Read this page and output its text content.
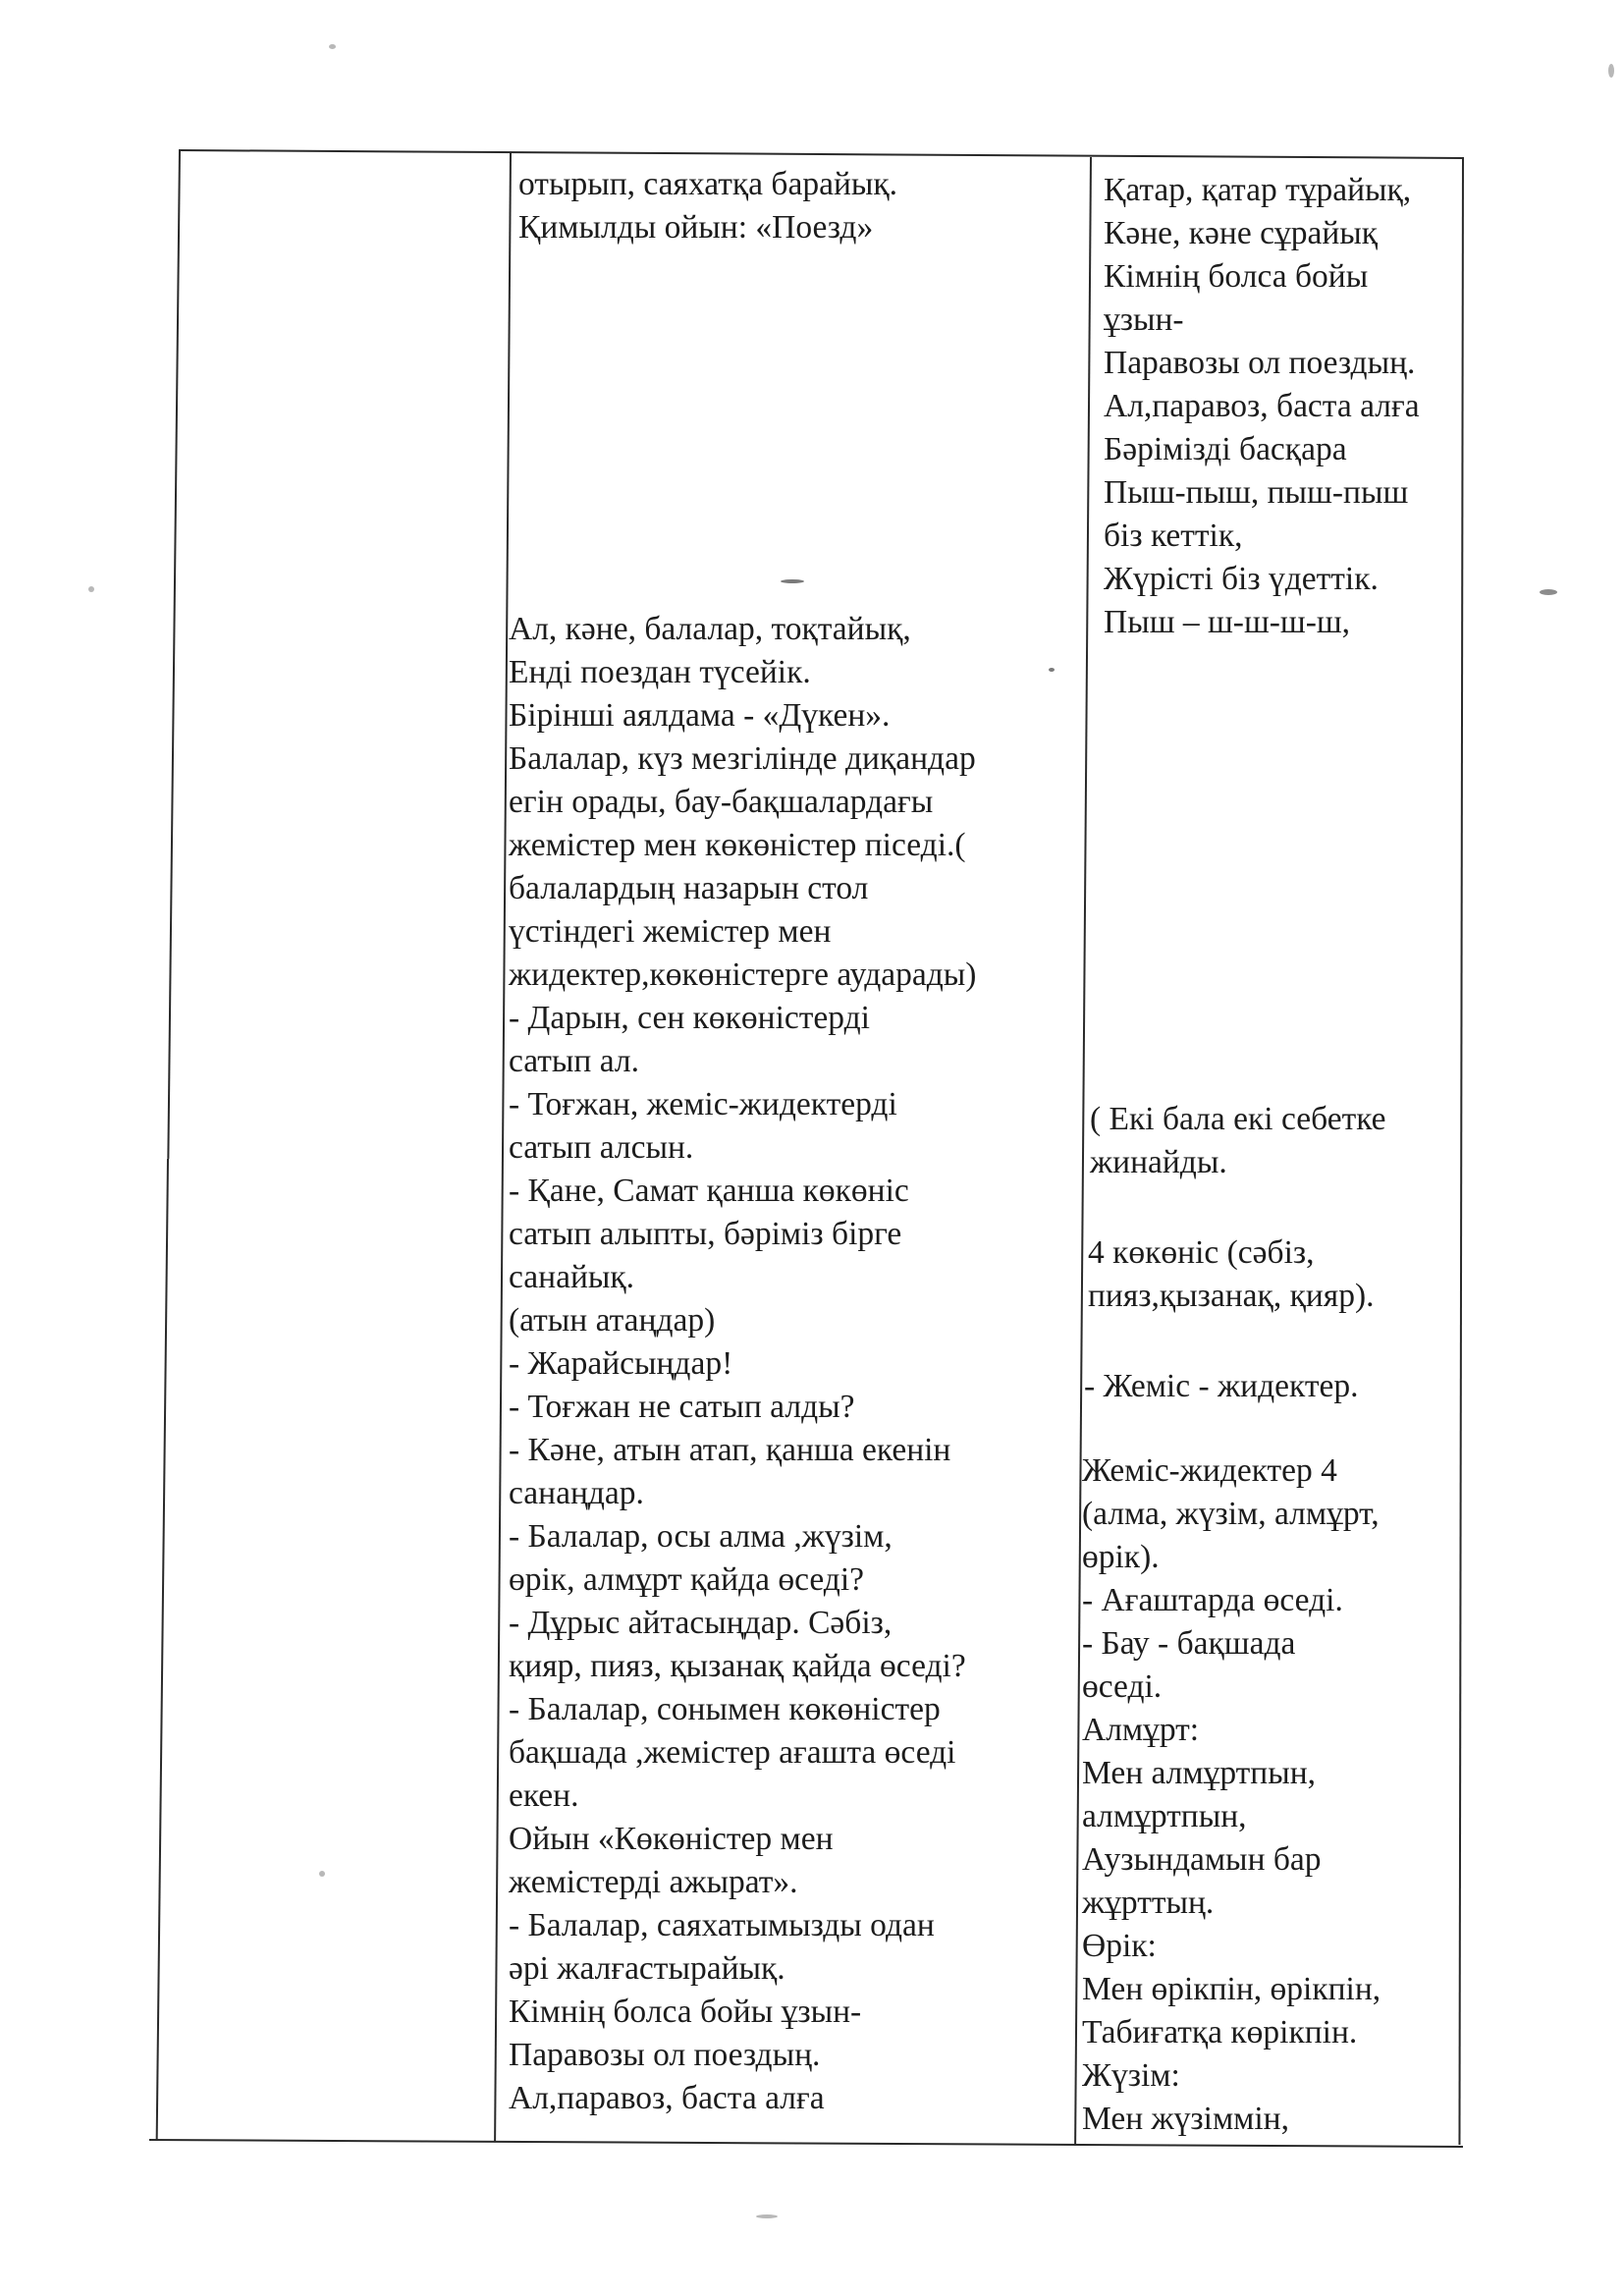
отырып, саяхатқа барайық.
Қимылды ойын: «Поезд»
Ал, кәне, балалар, тоқтайық,
Енді поездан түсейік.
Бірінші аялдама - «Дүкен».
Балалар, күз мезгілінде диқандар
егін орады, бау-бақшалардағы
жемістер мен көкөністер піседі.(
балалардың назарын стол
үстіндегі жемістер мен
жидектер,көкөністерге аударады)
- Дарын, сен көкөністерді
сатып ал.
- Тоғжан, жеміс-жидектерді
сатып алсын.
- Қане, Самат қанша көкөніс
сатып алыпты, бәріміз бірге
санайық.
(атын атаңдар)
- Жарайсыңдар!
- Тоғжан не сатып алды?
- Кәне, атын атап, қанша екенін
санаңдар.
- Балалар, осы алма ,жүзім,
өрік, алмұрт қайда өседі?
- Дұрыс айтасыңдар. Сәбіз,
қияр, пияз, қызанақ қайда өседі?
- Балалар, сонымен көкөністер
бақшада ,жемістер ағашта өседі
екен.
Ойын «Көкөністер мен
жемістерді ажырат».
- Балалар, саяхатымызды одан
әрі жалғастырайық.
Кімнің болса бойы ұзын-
Паравозы ол поездың.
Ал,паравоз, баста алға
Қатар, қатар тұрайық,
Кәне, кәне сұрайық
Кімнің болса бойы
ұзын-
Паравозы ол поездың.
Ал,паравоз, баста алға
Бәрімізді басқара
Пыш-пыш, пыш-пыш
біз кеттік,
Жүрісті біз үдеттік.
Пыш – ш-ш-ш-ш,
( Екі бала екі себетке
жинайды.
4 көкөніс (сәбіз,
пияз,қызанақ, қияр).
- Жеміс - жидектер.
Жеміс-жидектер 4
(алма, жүзім, алмұрт,
өрік).
- Ағаштарда өседі.
- Бау - бақшада
өседі.
Алмұрт:
Мен алмұртпын,
алмұртпын,
Аузындамын бар
жұрттың.
Өрік:
Мен өрікпін, өрікпін,
Табиғатқа көрікпін.
Жүзім:
Мен жүзіммін,
